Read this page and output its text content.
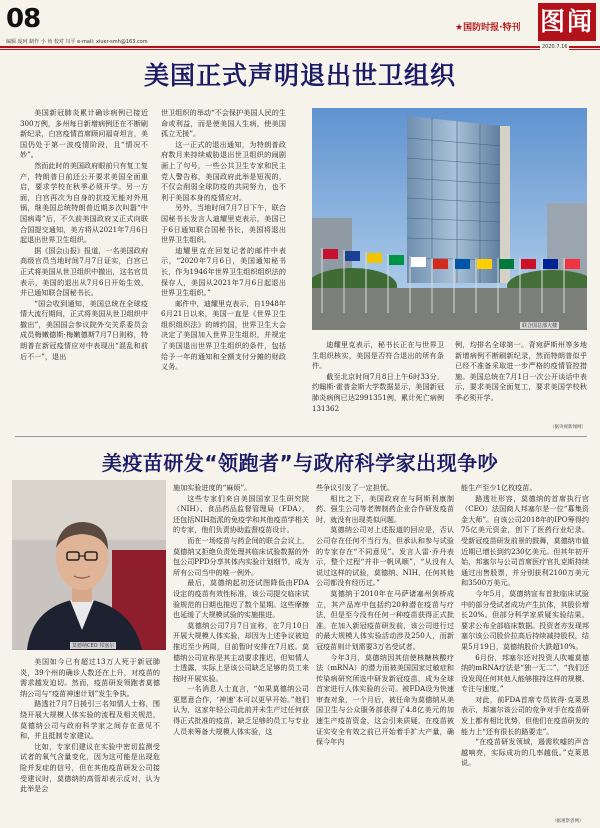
08
编辑 庞珂 制作 小 角 校对 川平 e-mail: xiuer-smh@163.com
★国防时报·特刊 图闻
2020.7.16
美国正式声明退出世卫组织

美国新冠肺炎累计确诊病例已接近300万例，多州每日新增病例还在不断刷新纪录，白宫疫情首席顾问福奇坦言，美国仍处于第一波疫情阶段，且“情况不妙”。

然而此时的美国政府眼前只有复工复产，特朗普日前还公开要求美国全面重启，要求学校在秋季必须开学。另一方面，白宫再次为自身的抗疫无能对外甩锅，继美国总统特朗普近期多次叫嚣“中国病毒”后，不久前美国政府又正式向联合国提交通知，美方将从2021年7月6日起退出世界卫生组织。

据《国会山报》报道，一名美国政府高级官员当地时间7月7日证实，白宫已正式将美国从世卫组织中撤出，这名官员表示，美国的退出从7月6日开始生效，并已通知联合国秘书长。

“国会收到通知，美国总统在全球疫情大流行期间，正式将美国从世卫组织中撤出”，美国国会参议院外交关系委员会成员梅嫩德斯·梅嫩德斯7月7日则称，特朗普在新冠疫情应对中表现出“混乱和前后不一”，退出

世卫组织的举动“不会保护美国人民的生命或利益，而是使美国人生病，使美国孤立无援”。

这一正式的退出通知，为特朗普政府数月来持续威胁退出世卫组织的闹剧画上了句号，一些公共卫生专家和民主党人警告称，美国政府此举是短视的，不仅会削弱全球防疫的共同努力，也不利于美国本身的疫情应对。

另外，当地时间7月7日下午，联合国秘书长发言人迪耀里克表示，美国已于6日通知联合国秘书长，美国将退出世界卫生组织。

迪耀里克在回复记者的邮件中表示，“2020年7月6日，美国通知秘书长，作为1946年世界卫生组织组织法的保存人，美国从2021年7月6日起退出世界卫生组织。”

邮件中，迪耀里克表示，自1948年6月21日以来，美国一直是《世界卫生组织组织法》的缔约国，世界卫生大会决定了美国加入世界卫生组织，并规定了美国退出世界卫生组织的条件，包括给予一年的通知和全额支付分摊的财政义务。

联合国总部大楼

迪耀里克表示，秘书长正在与世界卫生组织核实，美国是否符合退出的所有条件。

截至北京时间7月8日上午6时33分，约翰斯·霍普金斯大学数据显示，美国新冠肺炎病例已达2991351例，累计死亡病例131362

例，均排名全球第一。背宛萨斯州等多地新增病例不断刷新纪录，然而特朗普似乎已经不准备采取进一步严格的疫情管控措施。美国总统在7月1日一次公开谈话中表示，要求美国全面复工，要求美国学校秋季必须开学。

（据央视新闻网）
美疫苗研发“领跑者”与政府科学家出现争吵
莫德纳CEO 邦塞尔

美国如今已有超过13万人死于新冠肺炎，39个州的确诊人数还在上升，对疫苗的需求越发迫切。然而，疫苗研发领跑者莫德纳公司与“疫苗神速计划”发生争执。

路透社7月7日援引三名知情人士称，围绕开展大规模人体实验的流程及相关规范，莫德纳公司与政府科学家之间存在意见不和，并且抵制专家建议。

比如，专家们建议在实验中密切监测受试者的氧气含量变化，因为这可能是出现危险并发症的信号，但在其他疫苗研发公司接受建议时，莫德纳的高管却表示反对，认为此举是会

施加实验进度的“麻烦”。

这些专家们来自美国国家卫生研究院（NIH）、食品药品监督管理局（FDA），还包括NIH指派的免疫学和其他疫苗学相关的专家，他们负责协助监督疫苗设计。

而在一场疫苗与药企间的联合会议上，莫德纳又拒绝负责处理其临床试验数据的外包公司PPD分享其体内实验计划细节，成为所有公司当中的唯一例外。

最后，莫德纳起初还试图降低由FDA设定的疫苗有效性标准，该公司提交临床试验规范的日期也推迟了数个星期。这些摩擦也延缓了大规模试验的实施推进。

莫德纳公司7月7日宣称，在7月10日开展大规模人体实验，却因为上述争议被迫推迟至少两周，目前暂时安排在7月底。莫德纳公司宣称是其主动要求推迟，但知情人士透露，实际上是该公司缺乏足够的员工来按时开展实验。

一名消息人士直言，“如果莫德纳公司更愿意合作，‘神速’本可以更早开始。”他们认为，这家年轻公司此前并未生产过任何获得正式批准的疫苗，缺乏足够的员工与专业人员来筹备大规模人体实验，这

些争议引发了一定担忧。

相比之下，美国政府在与阿斯利康制药、强生公司等老牌制药企业合作研发疫苗时，就没有出现类似问题。

莫德纳公司对上述报道的回应是，否认公司存在任何不当行为，但承认和参与试验的专家存在“不同意见”。发言人雷·乔丹表示，整个过程“并非一帆风顺”，“从没有人说过这样的试验，莫德纳、NIH、任何其他公司都没有经历过。”

莫德纳于2010年在马萨诸塞州剑桥成立，其产品库中包括约20种潜在疫苗与疗法，但是至今没有任何一种疫苗获得正式批准。在加入新冠疫苗研发前，该公司进行过的最大规模人体实验活动涉及250人，而新冠疫苗则计划需要3万名受试者。

今年3月，莫德纳因其信使核糖核酸疗法（mRNA）的潜力而被美国国家过敏症和传染病研究所选中研发新冠疫苗，成为全球首家进行人体实验的公司。被FDA设为快速审查对象，一个月后，被任命为莫德纳从美国卫生与公众服务部获得了4.8亿美元的加速生产疫苗资金，这会引来质疑，在疫苗被证实安全有效之前已开始着手扩大产量，确保今年内

能生产至少1亿枚疫苗。

路透社形容，莫德纳的首席执行官（CEO）法国商人邦塞尔是一位“募集资金大师”。自该公司2018年的IPO筹得约75亿美元资金，创下了医药行业纪录。受新冠疫苗研发前景的鼓舞，莫德纳市值近期已增长到约230亿美元。但其年初开始，邦塞尔与公司首席医疗官扎克斯持续通过出售股票，并分别获利2100万美元和3500万美元。

今年5月，莫德纳宣布首批临床试验中的部分受试者成功产生抗体，其股价增长20%。但部分科学家质疑实验结果，要求公布全部临床数据。投资者亦发现邦塞尔该公司股价拉高后持续减持股权，结果5月19日，莫德纳股价大跌超10%。

6月份，邦塞尔还对投资人吹嘘莫德纳的mRNA疗法是“独一无二”，“我们还没发现任何其他人能够推持这样的规模、专注与速度。”

对此，前FDA首席专员彼得·克莱恩表示，邦塞尔该公司的竞争对手在疫苗研发上都有相比优势，但他们在疫苗研发的能力上“还有很长的路要走”。

“在疫苗研发领域，遏需吹嘘的声音越响亮，实际成功的几率越低。”克莱恩说。

（据观察者网）
